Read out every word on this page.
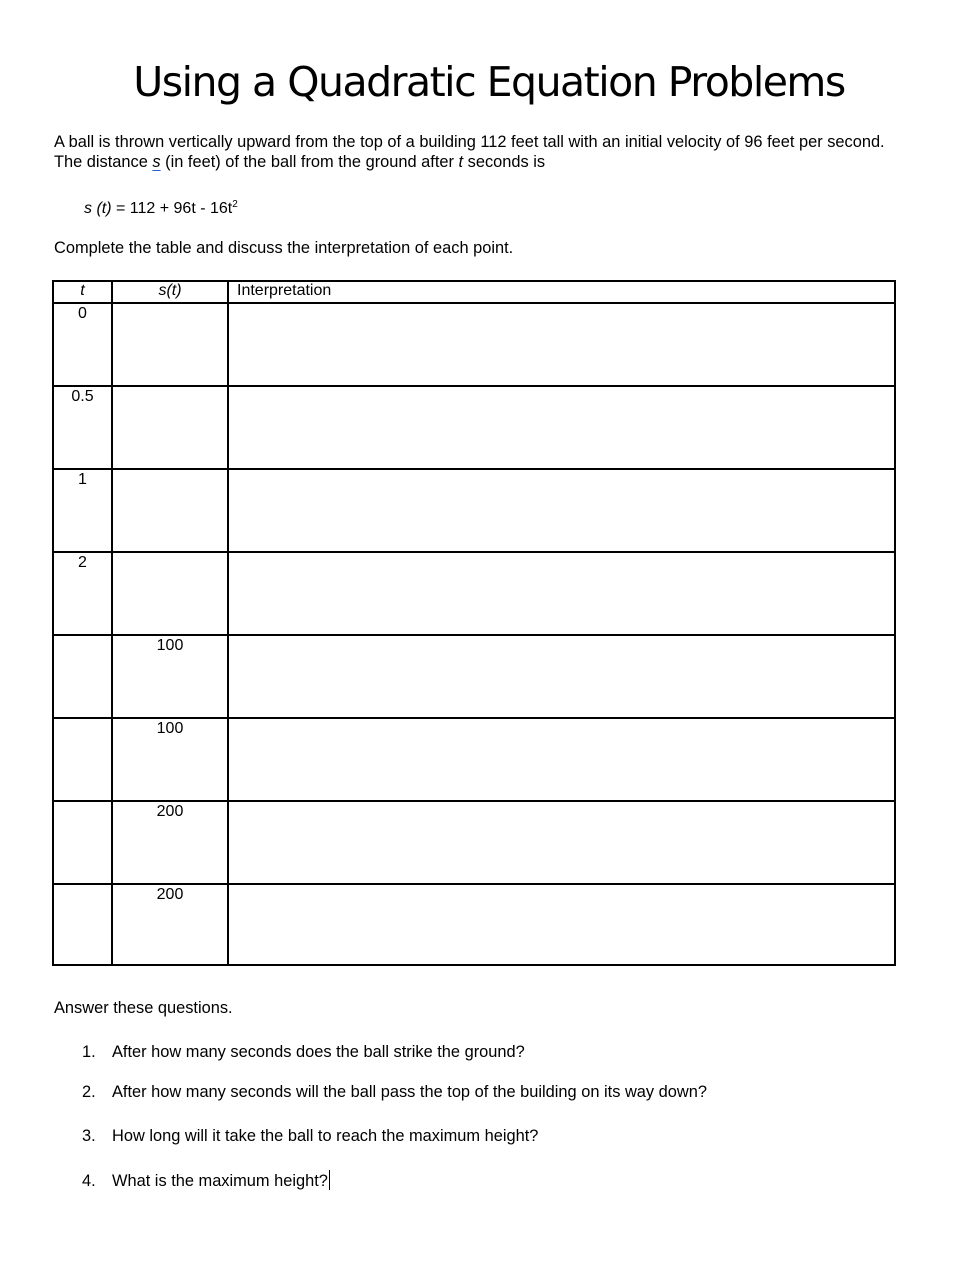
Using a Quadratic Equation Problems

A ball is thrown vertically upward from the top of a building 112 feet tall with an initial velocity of 96 feet per second. The distance s (in feet) of the ball from the ground after t seconds is

s $(t) = 112 + 96t - 16t^2$

Complete the table and discuss the interpretation of each point.

t	s(t)	Interpretation
0		
0.5		
1		
2		
	100	
	100	
	200	
	200	

Answer these questions.

1. After how many seconds does the ball strike the ground?
2. After how many seconds will the ball pass the top of the building on its way down?
3. How long will it take the ball to reach the maximum height?
4. What is the maximum height?
